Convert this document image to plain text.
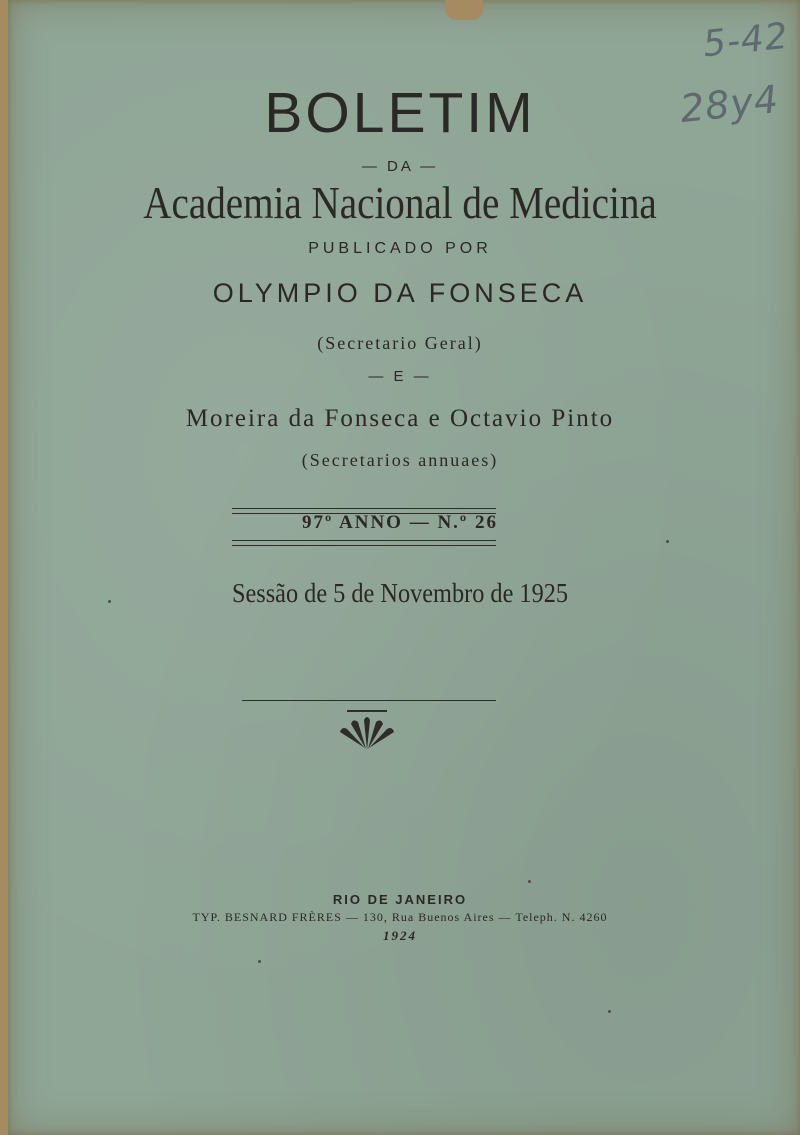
5-42
28y4
BOLETIM
— DA —
Academia Nacional de Medicina
PUBLICADO POR
OLYMPIO DA FONSECA
(Secretario Geral)
— E —
Moreira da Fonseca e Octavio Pinto
(Secretarios annuaes)
97º ANNO — N.º 26
Sessão de 5 de Novembro de 1925
RIO DE JANEIRO
TYP. BESNARD FRÈRES — 130, Rua Buenos Aires — Teleph. N. 4260
1924
